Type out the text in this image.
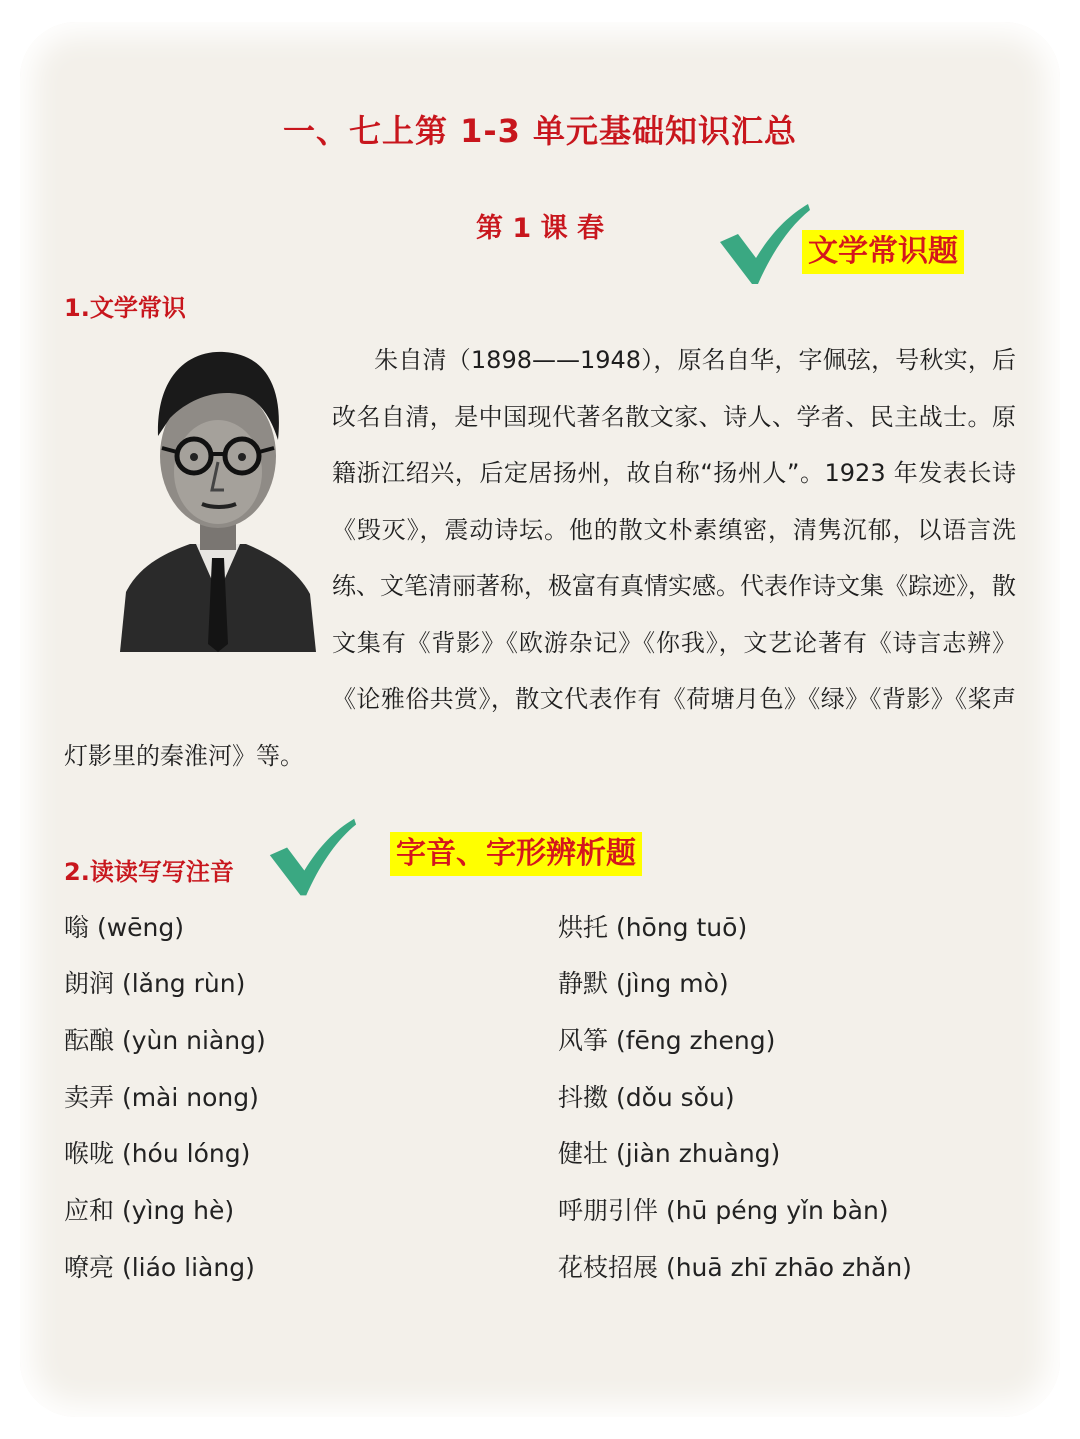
一、七上第 1-3 单元基础知识汇总
第 1 课 春
文学常识题
1.文学常识
朱自清（1898——1948），原名自华，字佩弦，号秋实，后改名自清，是中国现代著名散文家、诗人、学者、民主战士。原籍浙江绍兴，后定居扬州，故自称“扬州人”。1923 年发表长诗《毁灭》，震动诗坛。他的散文朴素缜密，清隽沉郁，以语言洗练、文笔清丽著称，极富有真情实感。代表作诗文集《踪迹》，散文集有《背影》《欧游杂记》《你我》，文艺论著有《诗言志辨》《论雅俗共赏》，散文代表作有《荷塘月色》《绿》《背影》《桨声灯影里的秦淮河》等。
2.读读写写注音
字音、字形辨析题
嗡 (wēng)
朗润 (lǎng rùn)
酝酿 (yùn niàng)
卖弄 (mài nong)
喉咙 (hóu lóng)
应和 (yìng hè)
嘹亮 (liáo liàng)
烘托 (hōng tuō)
静默 (jìng mò)
风筝 (fēng zheng)
抖擞 (dǒu sǒu)
健壮 (jiàn zhuàng)
呼朋引伴 (hū péng yǐn bàn)
花枝招展 (huā zhī zhāo zhǎn)
